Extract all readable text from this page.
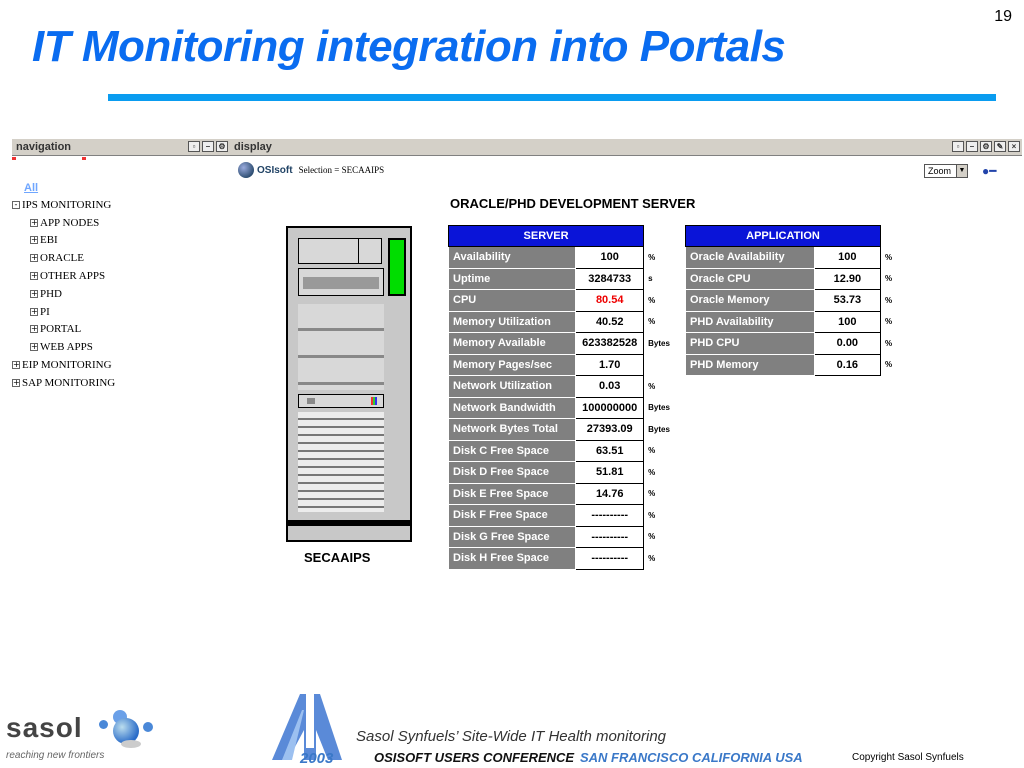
19
IT Monitoring integration into Portals
navigation	▫	–	⚙
All
- IPS MONITORING
+ APP NODES
+ EBI
+ ORACLE
+ OTHER APPS
+ PHD
+ PI
+ PORTAL
+ WEB APPS
+ EIP MONITORING
+ SAP MONITORING
display	▫	–	⚙ ✎	×
OSIsoft Selection = SECAAIPS	Zoom	▼ ●━
ORACLE/PHD DEVELOPMENT SERVER
SECAAIPS
SERVER		
Availability	100	%
Uptime	3284733	s
CPU	80.54	%
Memory Utilization	40.52	%
Memory Available	623382528	Bytes
Memory Pages/sec	1.70	
Network Utilization	0.03	%
Network Bandwidth	100000000	Bytes
Network Bytes Total	27393.09	Bytes
Disk C Free Space	63.51	%
Disk D Free Space	51.81	%
Disk E Free Space	14.76	%
Disk F Free Space	----------	%
Disk G Free Space	----------	%
Disk H Free Space	----------	%
APPLICATION		
Oracle Availability	100	%
Oracle CPU	12.90	%
Oracle Memory	53.73	%
PHD Availability	100	%
PHD CPU	0.00	%
PHD Memory	0.16	%
sasol
reaching new frontiers
Sasol Synfuels’ Site-Wide IT Health monitoring
2003	OSISOFT USERS CONFERENCE SAN FRANCISCO CALIFORNIA USA	Copyright Sasol Synfuels
